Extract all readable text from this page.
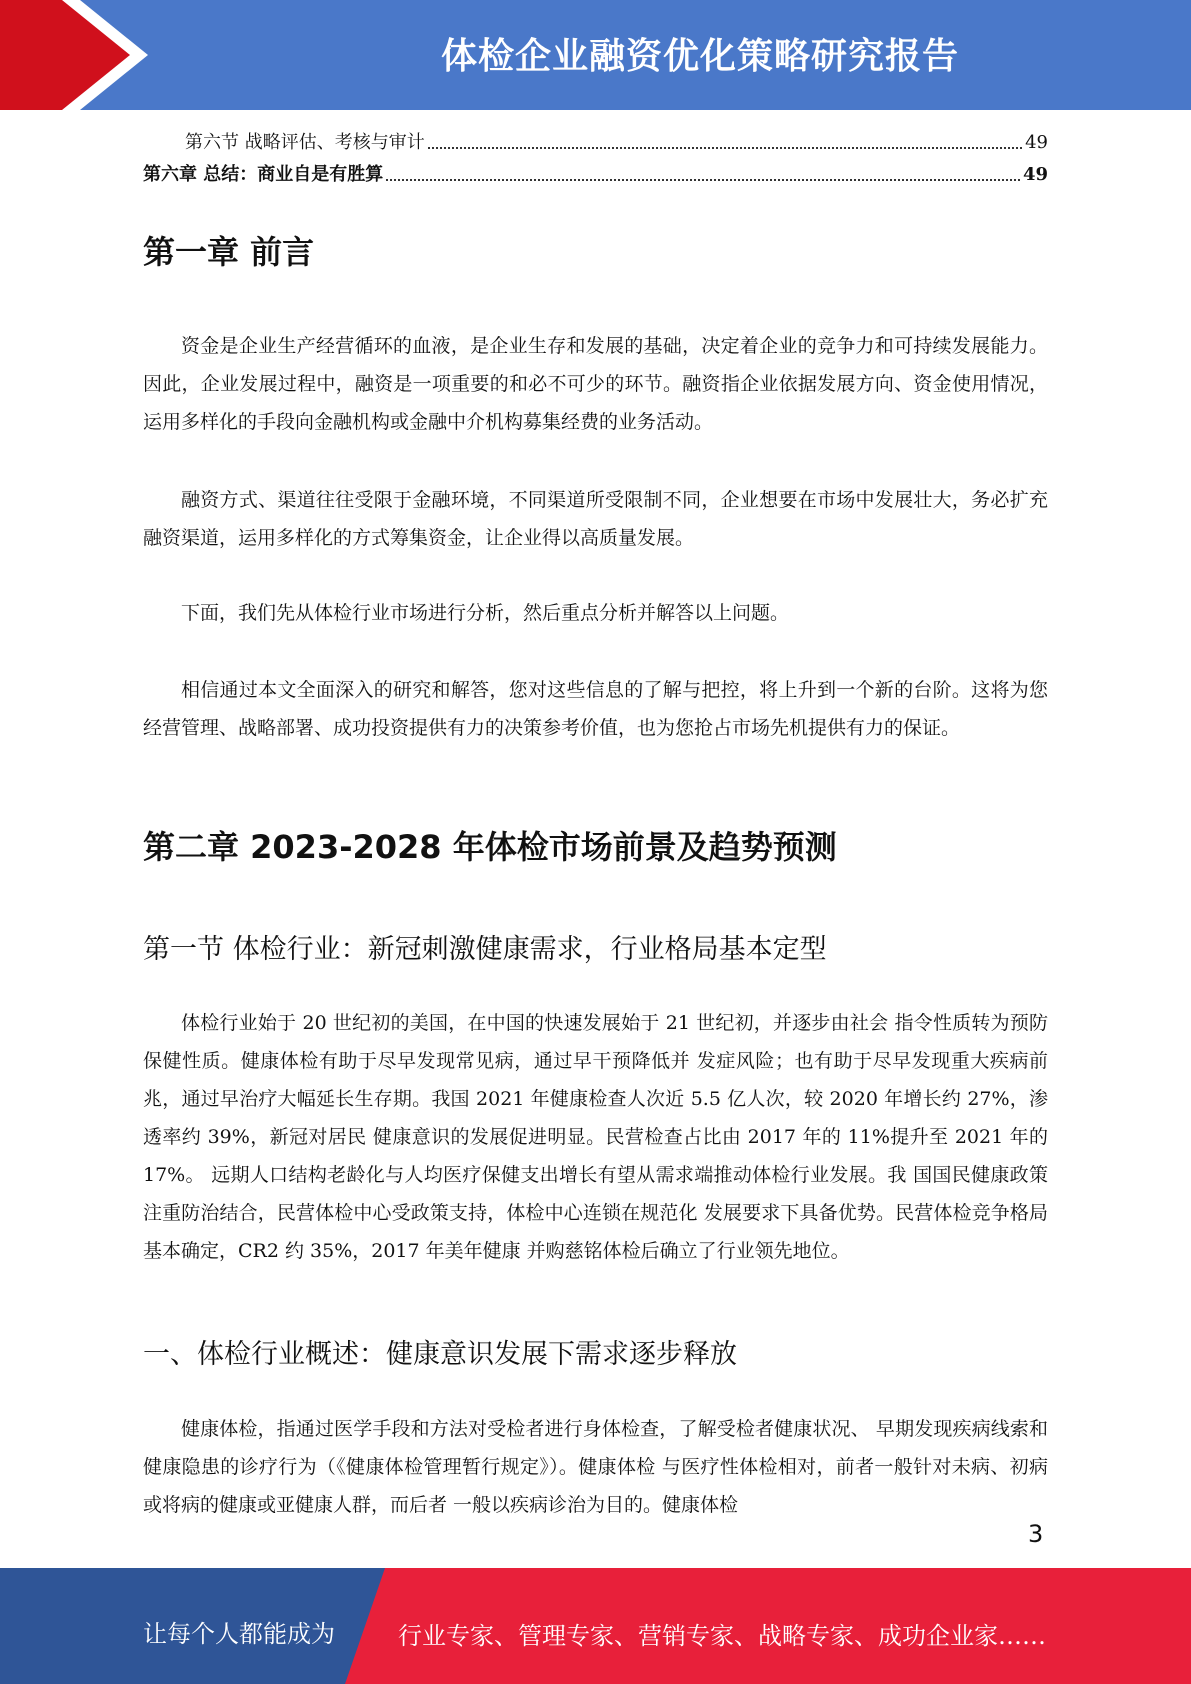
体检企业融资优化策略研究报告
第六节 战略评估、考核与审计	49
第六章 总结：商业自是有胜算	49
第一章 前言

资金是企业生产经营循环的血液，是企业生存和发展的基础，决定着企业的竞争力和可持续发展能力。因此，企业发展过程中，融资是一项重要的和必不可少的环节。融资指企业依据发展方向、资金使用情况，运用多样化的手段向金融机构或金融中介机构募集经费的业务活动。

融资方式、渠道往往受限于金融环境，不同渠道所受限制不同，企业想要在市场中发展壮大，务必扩充融资渠道，运用多样化的方式筹集资金，让企业得以高质量发展。

下面，我们先从体检行业市场进行分析，然后重点分析并解答以上问题。

相信通过本文全面深入的研究和解答，您对这些信息的了解与把控，将上升到一个新的台阶。这将为您经营管理、战略部署、成功投资提供有力的决策参考价值，也为您抢占市场先机提供有力的保证。

第二章 2023-2028 年体检市场前景及趋势预测
第一节 体检行业：新冠刺激健康需求，行业格局基本定型

体检行业始于 20 世纪初的美国，在中国的快速发展始于 21 世纪初，并逐步由社会 指令性质转为预防保健性质。健康体检有助于尽早发现常见病，通过早干预降低并 发症风险；也有助于尽早发现重大疾病前兆，通过早治疗大幅延长生存期。我国 2021 年健康检查人次近 5.5 亿人次，较 2020 年增长约 27%，渗透率约 39%，新冠对居民 健康意识的发展促进明显。民营检查占比由 2017 年的 11%提升至 2021 年的 17%。 远期人口结构老龄化与人均医疗保健支出增长有望从需求端推动体检行业发展。我 国国民健康政策注重防治结合，民营体检中心受政策支持，体检中心连锁在规范化 发展要求下具备优势。民营体检竞争格局基本确定，CR2 约 35%，2017 年美年健康 并购慈铭体检后确立了行业领先地位。

一、体检行业概述：健康意识发展下需求逐步释放

健康体检，指通过医学手段和方法对受检者进行身体检查，了解受检者健康状况、 早期发现疾病线索和健康隐患的诊疗行为（《健康体检管理暂行规定》）。健康体检 与医疗性体检相对，前者一般针对未病、初病或将病的健康或亚健康人群，而后者 一般以疾病诊治为目的。健康体检

3
让每个人都能成为	行业专家、管理专家、营销专家、战略专家、成功企业家……
